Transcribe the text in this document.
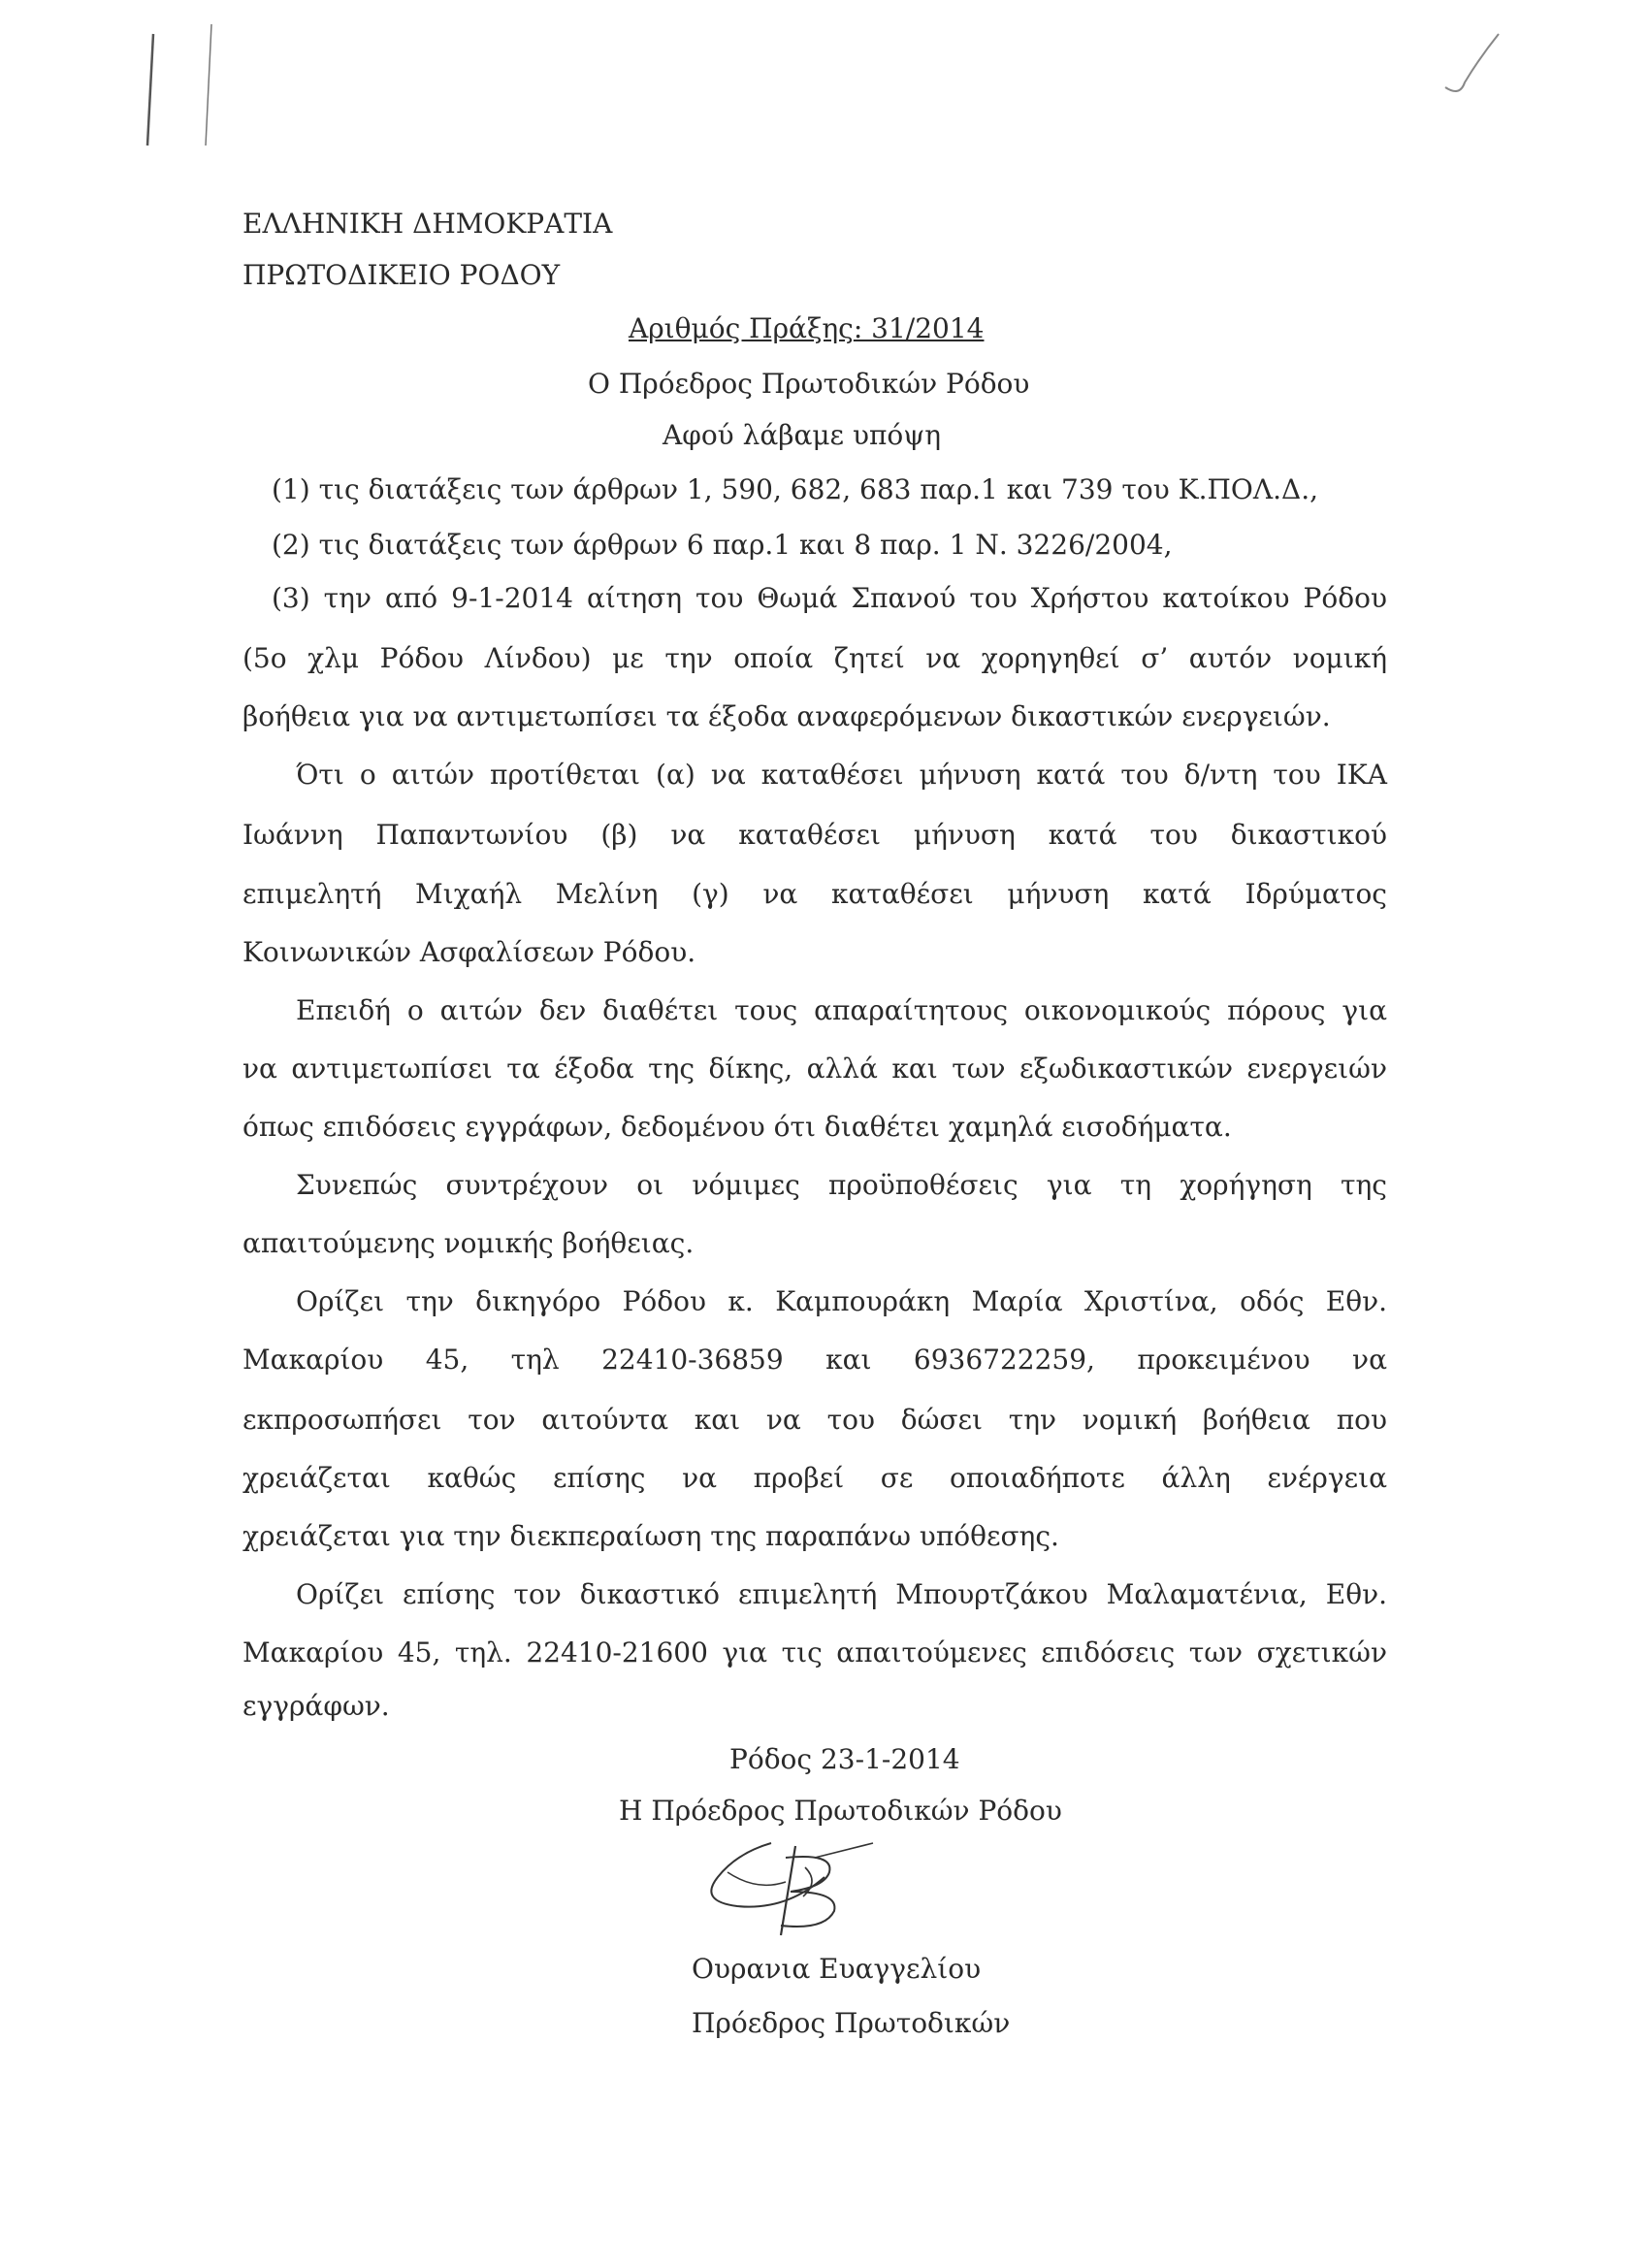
ΕΛΛΗΝΙΚΗ ΔΗΜΟΚΡΑΤΙΑ
ΠΡΩΤΟΔΙΚΕΙΟ ΡΟΔΟΥ
Αριθμός Πράξης: 31/2014
Ο Πρόεδρος Πρωτοδικών Ρόδου
Αφού λάβαμε υπόψη
(1) τις διατάξεις των άρθρων 1, 590, 682, 683 παρ.1 και 739 του Κ.ΠΟΛ.Δ.,
(2) τις διατάξεις των άρθρων 6 παρ.1 και 8 παρ. 1 Ν. 3226/2004,
(3) την από 9-1-2014 αίτηση του Θωμά Σπανού του Χρήστου κατοίκου Ρόδου
(5ο χλμ Ρόδου Λίνδου) με την οποία ζητεί να χορηγηθεί σ’ αυτόν νομική
βοήθεια για να αντιμετωπίσει τα έξοδα αναφερόμενων δικαστικών ενεργειών.
Ότι ο αιτών προτίθεται (α) να καταθέσει μήνυση κατά του δ/ντη του ΙΚΑ
Ιωάννη Παπαντωνίου (β) να καταθέσει μήνυση κατά του δικαστικού
επιμελητή Μιχαήλ Μελίνη (γ) να καταθέσει μήνυση κατά Ιδρύματος
Κοινωνικών Ασφαλίσεων Ρόδου.
Επειδή ο αιτών δεν διαθέτει τους απαραίτητους οικονομικούς πόρους για
να αντιμετωπίσει τα έξοδα της δίκης, αλλά και των εξωδικαστικών ενεργειών
όπως επιδόσεις εγγράφων, δεδομένου ότι διαθέτει χαμηλά εισοδήματα.
Συνεπώς συντρέχουν οι νόμιμες προϋποθέσεις για τη χορήγηση της
απαιτούμενης νομικής βοήθειας.
Ορίζει την δικηγόρο Ρόδου κ. Καμπουράκη Μαρία Χριστίνα, οδός Εθν.
Μακαρίου 45, τηλ 22410-36859 και 6936722259, προκειμένου να
εκπροσωπήσει τον αιτούντα και να του δώσει την νομική βοήθεια που
χρειάζεται καθώς επίσης να προβεί σε οποιαδήποτε άλλη ενέργεια
χρειάζεται για την διεκπεραίωση της παραπάνω υπόθεσης.
Ορίζει επίσης τον δικαστικό επιμελητή Μπουρτζάκου Μαλαματένια, Εθν.
Μακαρίου 45, τηλ. 22410-21600 για τις απαιτούμενες επιδόσεις των σχετικών
εγγράφων.
Ρόδος 23-1-2014
Η Πρόεδρος Πρωτοδικών Ρόδου
Ουρανια Ευαγγελίου
Πρόεδρος Πρωτοδικών
